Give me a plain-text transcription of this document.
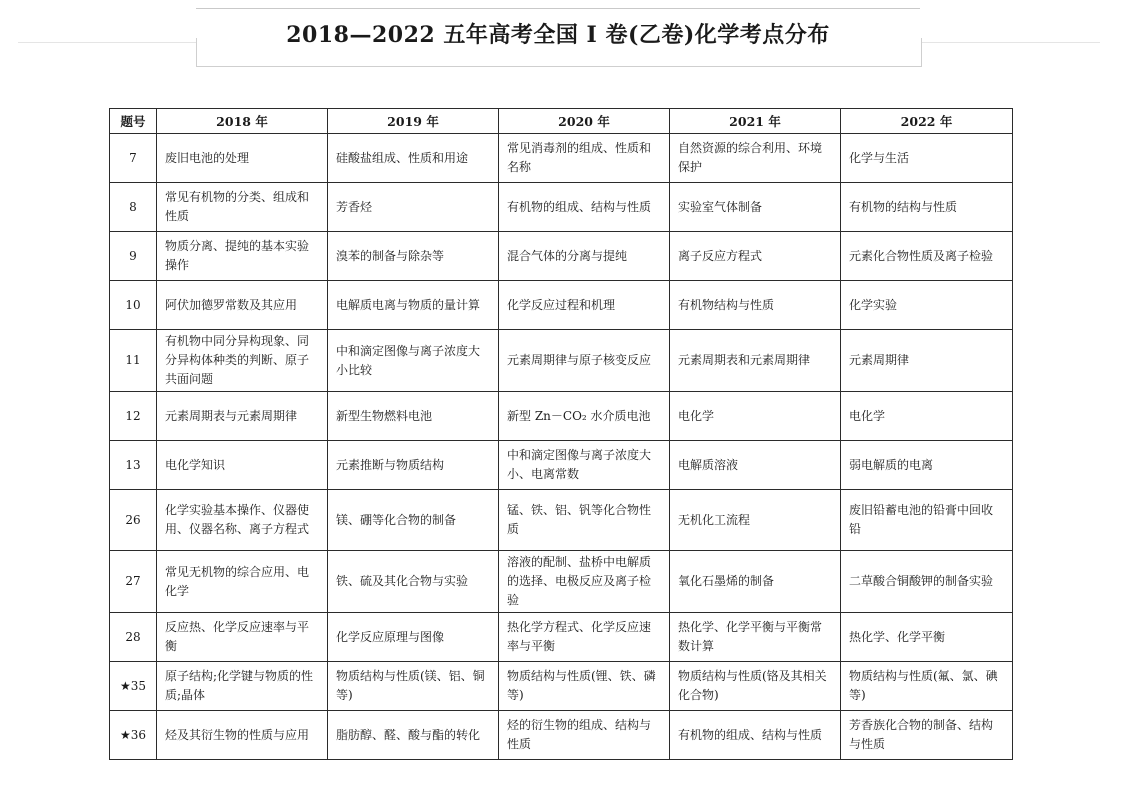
2018—2022 五年高考全国 I 卷(乙卷)化学考点分布
题号	2018 年	2019 年	2020 年	2021 年	2022 年
7	废旧电池的处理	硅酸盐组成、性质和用途	常见消毒剂的组成、性质和名称	自然资源的综合利用、环境保护	化学与生活
8	常见有机物的分类、组成和性质	芳香烃	有机物的组成、结构与性质	实验室气体制备	有机物的结构与性质
9	物质分离、提纯的基本实验操作	溴苯的制备与除杂等	混合气体的分离与提纯	离子反应方程式	元素化合物性质及离子检验
10	阿伏加德罗常数及其应用	电解质电离与物质的量计算	化学反应过程和机理	有机物结构与性质	化学实验
11	有机物中同分异构现象、同分异构体种类的判断、原子共面问题	中和滴定图像与离子浓度大小比较	元素周期律与原子核变反应	元素周期表和元素周期律	元素周期律
12	元素周期表与元素周期律	新型生物燃料电池	新型 Zn－CO₂ 水介质电池	电化学	电化学
13	电化学知识	元素推断与物质结构	中和滴定图像与离子浓度大小、电离常数	电解质溶液	弱电解质的电离
26	化学实验基本操作、仪器使用、仪器名称、离子方程式	镁、硼等化合物的制备	锰、铁、铝、钒等化合物性质	无机化工流程	废旧铅蓄电池的铅膏中回收铅
27	常见无机物的综合应用、电化学	铁、硫及其化合物与实验	溶液的配制、盐桥中电解质的选择、电极反应及离子检验	氧化石墨烯的制备	二草酸合铜酸钾的制备实验
28	反应热、化学反应速率与平衡	化学反应原理与图像	热化学方程式、化学反应速率与平衡	热化学、化学平衡与平衡常数计算	热化学、化学平衡
★35	原子结构;化学键与物质的性质;晶体	物质结构与性质(镁、铝、铜等)	物质结构与性质(锂、铁、磷等)	物质结构与性质(铬及其相关化合物)	物质结构与性质(氟、氯、碘等)
★36	烃及其衍生物的性质与应用	脂肪醇、醛、酸与酯的转化	烃的衍生物的组成、结构与性质	有机物的组成、结构与性质	芳香族化合物的制备、结构与性质
